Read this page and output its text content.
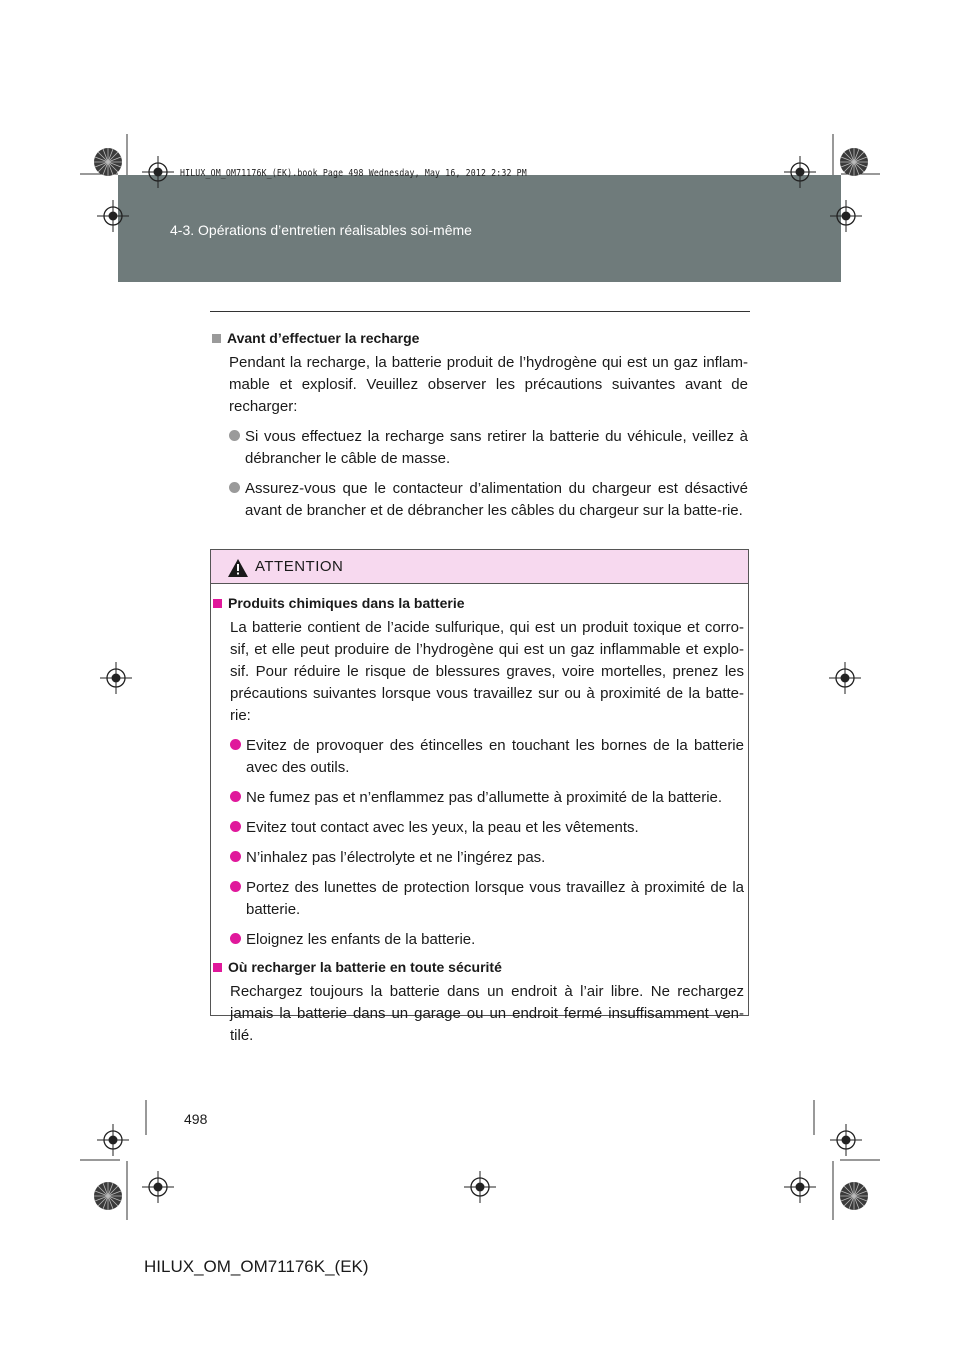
4-3. Opérations d’entretien réalisables soi-même
HILUX_OM_OM71176K_(EK).book Page 498 Wednesday, May 16, 2012 2:32 PM
Avant d’effectuer la recharge
Pendant la recharge, la batterie produit de l’hydrogène qui est un gaz inflam-mable et explosif. Veuillez observer les précautions suivantes avant de recharger:
Si vous effectuez la recharge sans retirer la batterie du véhicule, veillez à débrancher le câble de masse.
Assurez-vous que le contacteur d’alimentation du chargeur est désactivé avant de brancher et de débrancher les câbles du chargeur sur la batte-rie.
ATTENTION
Produits chimiques dans la batterie
La batterie contient de l’acide sulfurique, qui est un produit toxique et corro-sif, et elle peut produire de l’hydrogène qui est un gaz inflammable et explo-sif. Pour réduire le risque de blessures graves, voire mortelles, prenez les précautions suivantes lorsque vous travaillez sur ou à proximité de la batte-rie:
Evitez de provoquer des étincelles en touchant les bornes de la batterie avec des outils.
Ne fumez pas et n’enflammez pas d’allumette à proximité de la batterie.
Evitez tout contact avec les yeux, la peau et les vêtements.
N’inhalez pas l’électrolyte et ne l’ingérez pas.
Portez des lunettes de protection lorsque vous travaillez à proximité de la batterie.
Eloignez les enfants de la batterie.
Où recharger la batterie en toute sécurité
Rechargez toujours la batterie dans un endroit à l’air libre. Ne rechargez jamais la batterie dans un garage ou un endroit fermé insuffisamment ven-tilé.
498
HILUX_OM_OM71176K_(EK)
